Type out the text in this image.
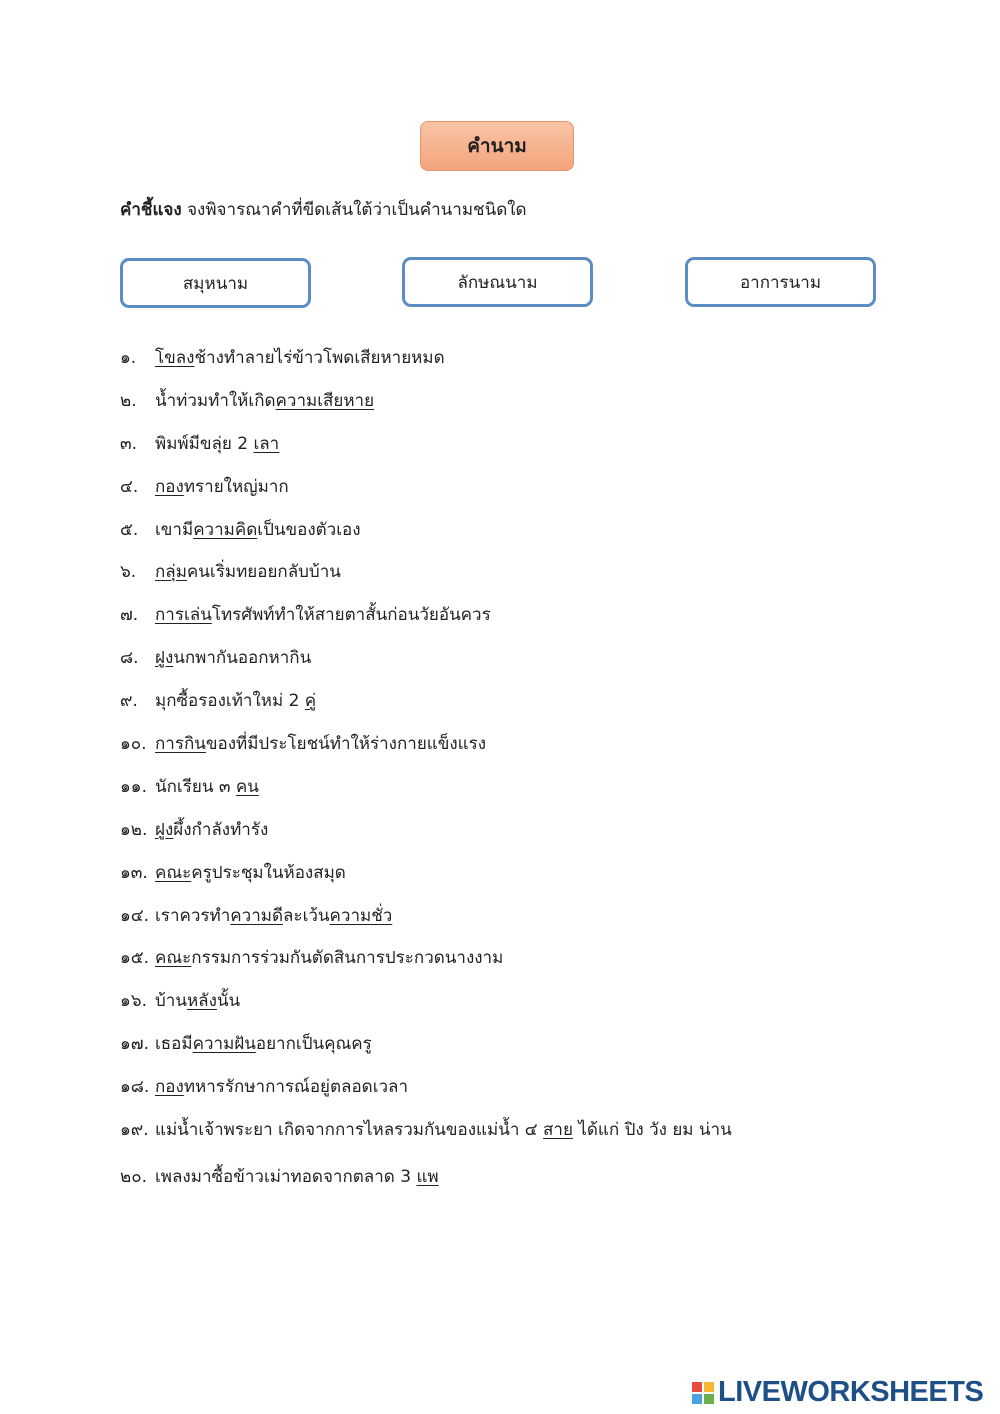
คำนาม
คำชี้แจง จงพิจารณาคำที่ขีดเส้นใต้ว่าเป็นคำนามชนิดใด
สมุหนาม	ลักษณนาม	อาการนาม
๑.	โขลงช้างทำลายไร่ข้าวโพดเสียหายหมด
๒.	น้ำท่วมทำให้เกิดความเสียหาย
๓.	พิมพ์มีขลุ่ย 2 เลา
๔. กองทรายใหญ่มาก
๕. เขามีความคิดเป็นของตัวเอง
๖.	กลุ่มคนเริ่มทยอยกลับบ้าน
๗. การเล่นโทรศัพท์ทำให้สายตาสั้นก่อนวัยอันควร
๘. ฝูงนกพากันออกหากิน
๙.	มุกซื้อรองเท้าใหม่ 2 คู่
๑๐. การกินของที่มีประโยชน์ทำให้ร่างกายแข็งแรง
๑๑. นักเรียน ๓ คน
๑๒. ฝูงผึ้งกำลังทำรัง
๑๓. คณะครูประชุมในห้องสมุด
๑๔. เราควรทำความดีละเว้นความชั่ว
๑๕. คณะกรรมการร่วมกันตัดสินการประกวดนางงาม
๑๖. บ้านหลังนั้น
๑๗. เธอมีความฝันอยากเป็นคุณครู
๑๘. กองทหารรักษาการณ์อยู่ตลอดเวลา
๑๙. แม่น้ำเจ้าพระยา เกิดจากการไหลรวมกันของแม่น้ำ ๔ สาย ได้แก่ ปิง วัง ยม น่าน
๒๐. เพลงมาซื้อข้าวเม่าทอดจากตลาด 3 แพ
LIVEWORKSHEETS
